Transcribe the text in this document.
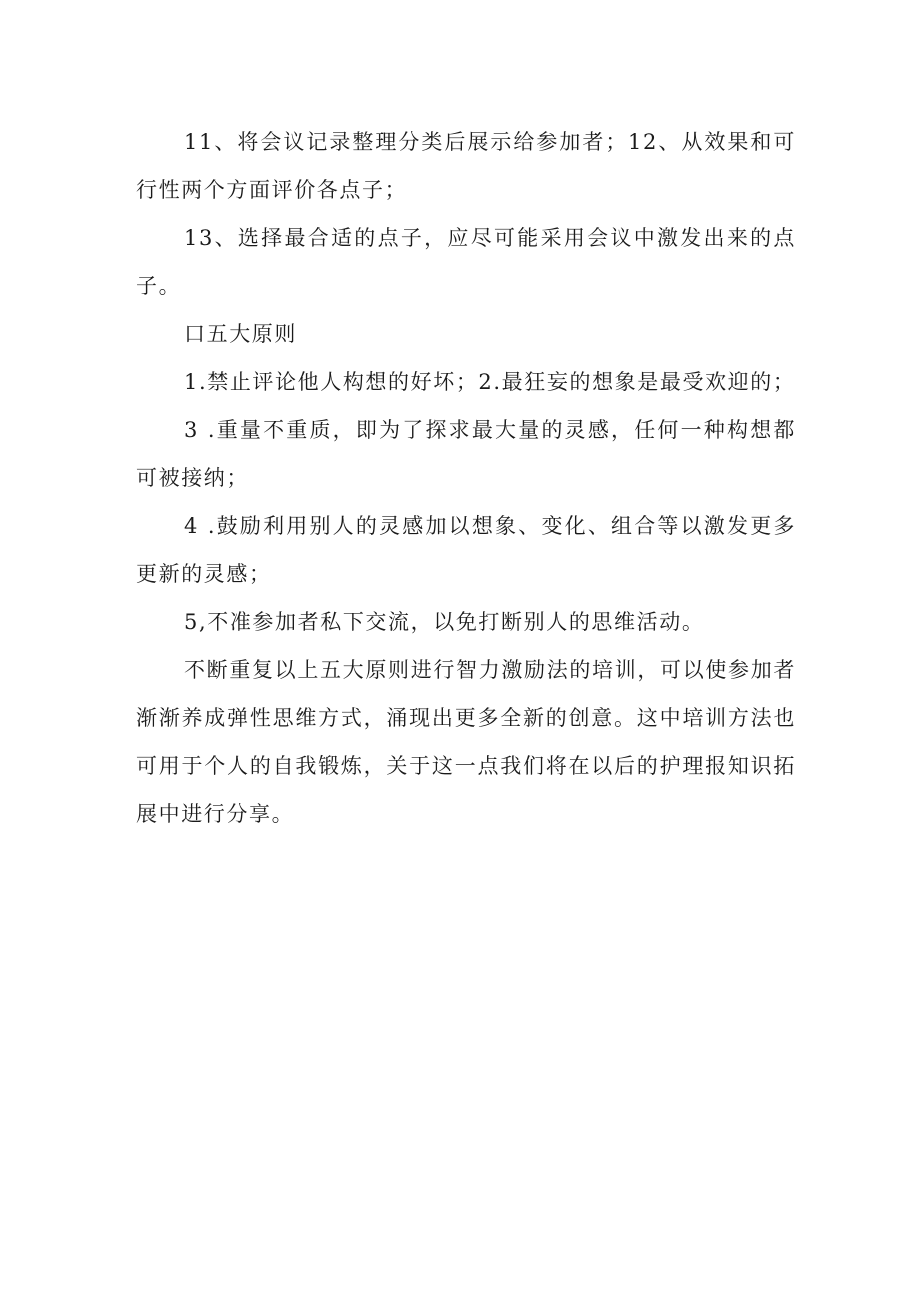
11、将会议记录整理分类后展示给参加者；12、从效果和可行性两个方面评价各点子；

13、选择最合适的点子，应尽可能采用会议中激发出来的点子。

口五大原则

1.禁止评论他人构想的好坏；2.最狂妄的想象是最受欢迎的；

3 .重量不重质，即为了探求最大量的灵感，任何一种构想都可被接纳；

4 .鼓励利用别人的灵感加以想象、变化、组合等以激发更多更新的灵感；

5,不准参加者私下交流，以免打断别人的思维活动。

不断重复以上五大原则进行智力激励法的培训，可以使参加者渐渐养成弹性思维方式，涌现出更多全新的创意。这中培训方法也可用于个人的自我锻炼，关于这一点我们将在以后的护理报知识拓展中进行分享。
